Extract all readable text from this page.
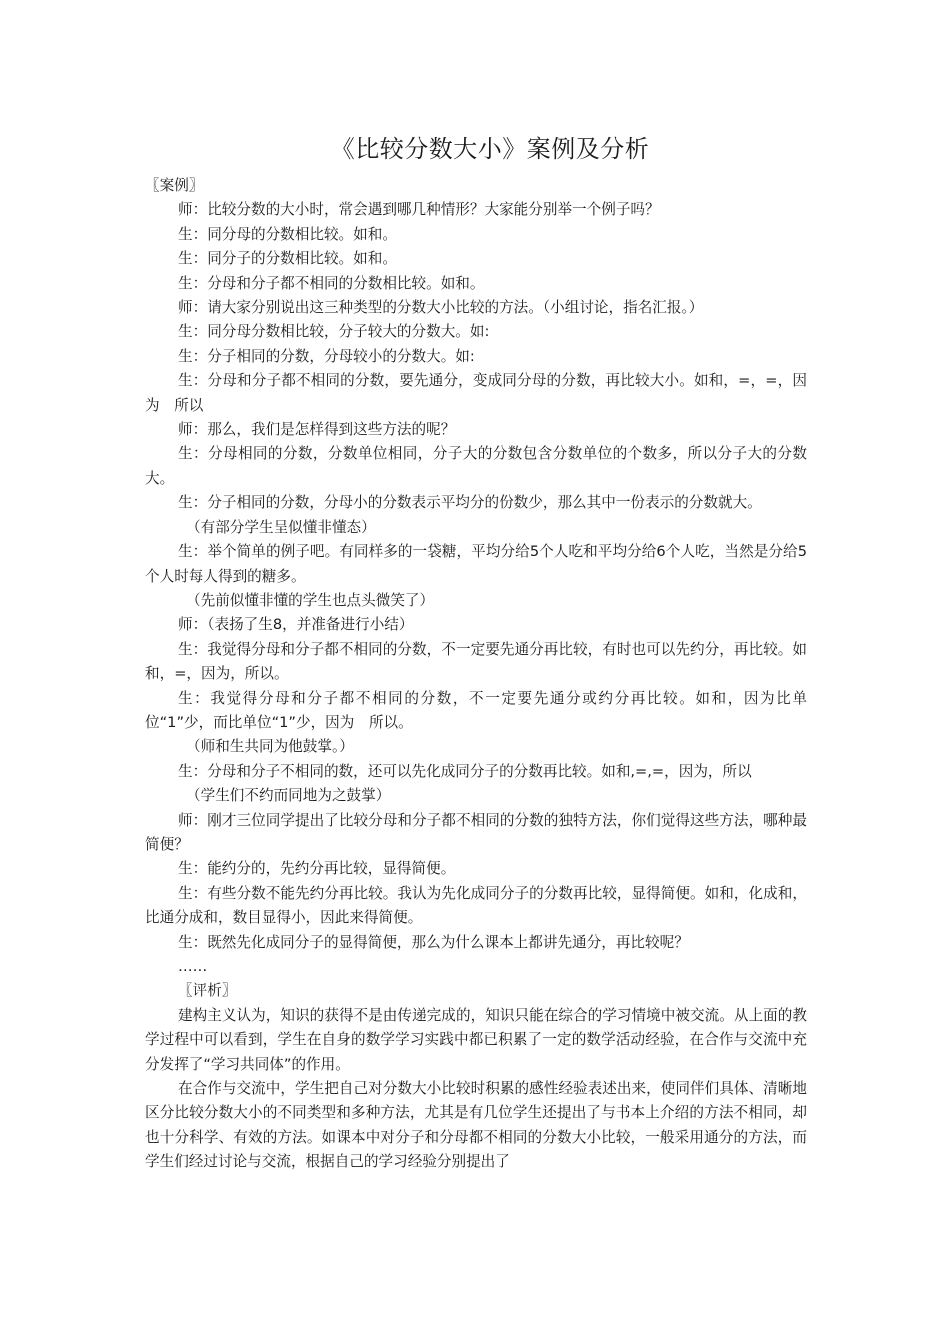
《比较分数大小》案例及分析

〖案例〗

师：比较分数的大小时，常会遇到哪几种情形？大家能分别举一个例子吗？

生：同分母的分数相比较。如和。

生：同分子的分数相比较。如和。

生：分母和分子都不相同的分数相比较。如和。

师：请大家分别说出这三种类型的分数大小比较的方法。（小组讨论，指名汇报。）

生：同分母分数相比较，分子较大的分数大。如:

生：分子相同的分数，分母较小的分数大。如:

生：分母和分子都不相同的分数，要先通分，变成同分母的分数，再比较大小。如和，=，=，因为　所以

师：那么，我们是怎样得到这些方法的呢？

生：分母相同的分数，分数单位相同，分子大的分数包含分数单位的个数多，所以分子大的分数大。

生：分子相同的分数，分母小的分数表示平均分的份数少，那么其中一份表示的分数就大。

（有部分学生呈似懂非懂态）

生：举个简单的例子吧。有同样多的一袋糖，平均分给5个人吃和平均分给6个人吃，当然是分给5个人时每人得到的糖多。

（先前似懂非懂的学生也点头微笑了）

师：（表扬了生8，并准备进行小结）

生：我觉得分母和分子都不相同的分数，不一定要先通分再比较，有时也可以先约分，再比较。如和，=，因为，所以。

生：我觉得分母和分子都不相同的分数，不一定要先通分或约分再比较。如和，因为比单位“1”少，而比单位“1”少，因为　所以。

（师和生共同为他鼓掌。）

生：分母和分子不相同的数，还可以先化成同分子的分数再比较。如和,=,=，因为，所以

（学生们不约而同地为之鼓掌）

师：刚才三位同学提出了比较分母和分子都不相同的分数的独特方法，你们觉得这些方法，哪种最简便？

生：能约分的，先约分再比较，显得简便。

生：有些分数不能先约分再比较。我认为先化成同分子的分数再比较，显得简便。如和，化成和，比通分成和，数目显得小，因此来得简便。

生：既然先化成同分子的显得简便，那么为什么课本上都讲先通分，再比较呢？

……

〖评析〗

建构主义认为，知识的获得不是由传递完成的，知识只能在综合的学习情境中被交流。从上面的教学过程中可以看到，学生在自身的数学学习实践中都已积累了一定的数学活动经验，在合作与交流中充分发挥了“学习共同体”的作用。

在合作与交流中，学生把自己对分数大小比较时积累的感性经验表述出来，使同伴们具体、清晰地区分比较分数大小的不同类型和多种方法，尤其是有几位学生还提出了与书本上介绍的方法不相同，却也十分科学、有效的方法。如课本中对分子和分母都不相同的分数大小比较，一般采用通分的方法，而学生们经过讨论与交流，根据自己的学习经验分别提出了
